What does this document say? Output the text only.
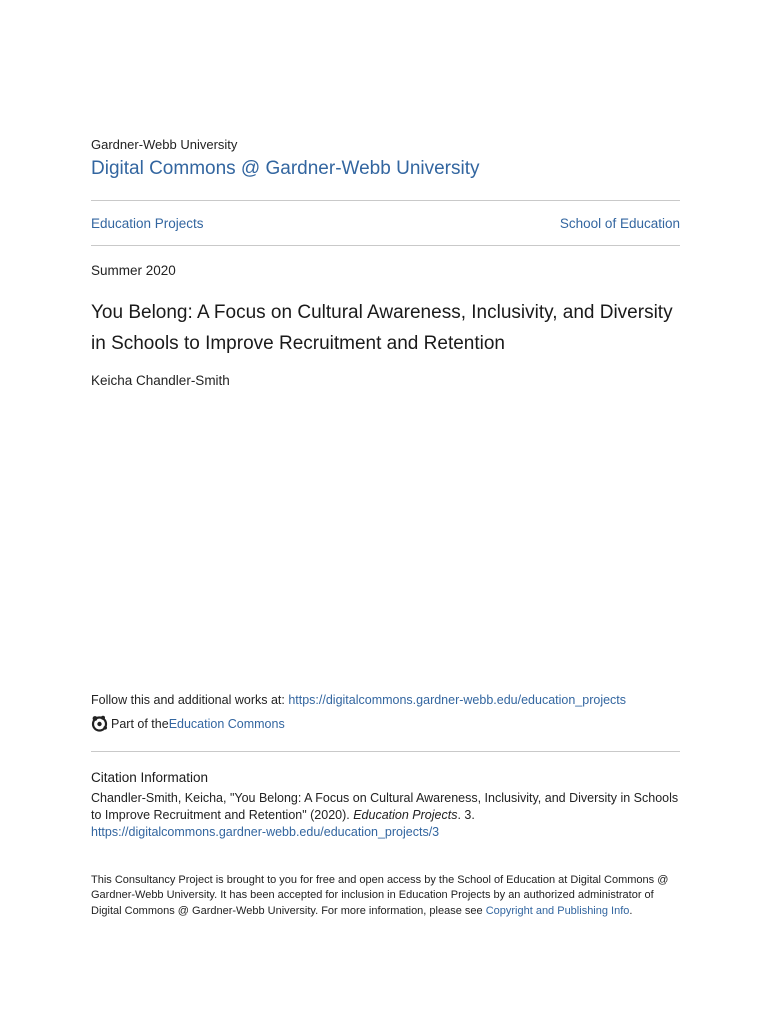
Gardner-Webb University
Digital Commons @ Gardner-Webb University
Education Projects	School of Education
Summer 2020
You Belong: A Focus on Cultural Awareness, Inclusivity, and Diversity in Schools to Improve Recruitment and Retention
Keicha Chandler-Smith
Follow this and additional works at: https://digitalcommons.gardner-webb.edu/education_projects
Part of the Education Commons
Citation Information
Chandler-Smith, Keicha, "You Belong: A Focus on Cultural Awareness, Inclusivity, and Diversity in Schools to Improve Recruitment and Retention" (2020). Education Projects. 3.
https://digitalcommons.gardner-webb.edu/education_projects/3
This Consultancy Project is brought to you for free and open access by the School of Education at Digital Commons @ Gardner-Webb University. It has been accepted for inclusion in Education Projects by an authorized administrator of Digital Commons @ Gardner-Webb University. For more information, please see Copyright and Publishing Info.
